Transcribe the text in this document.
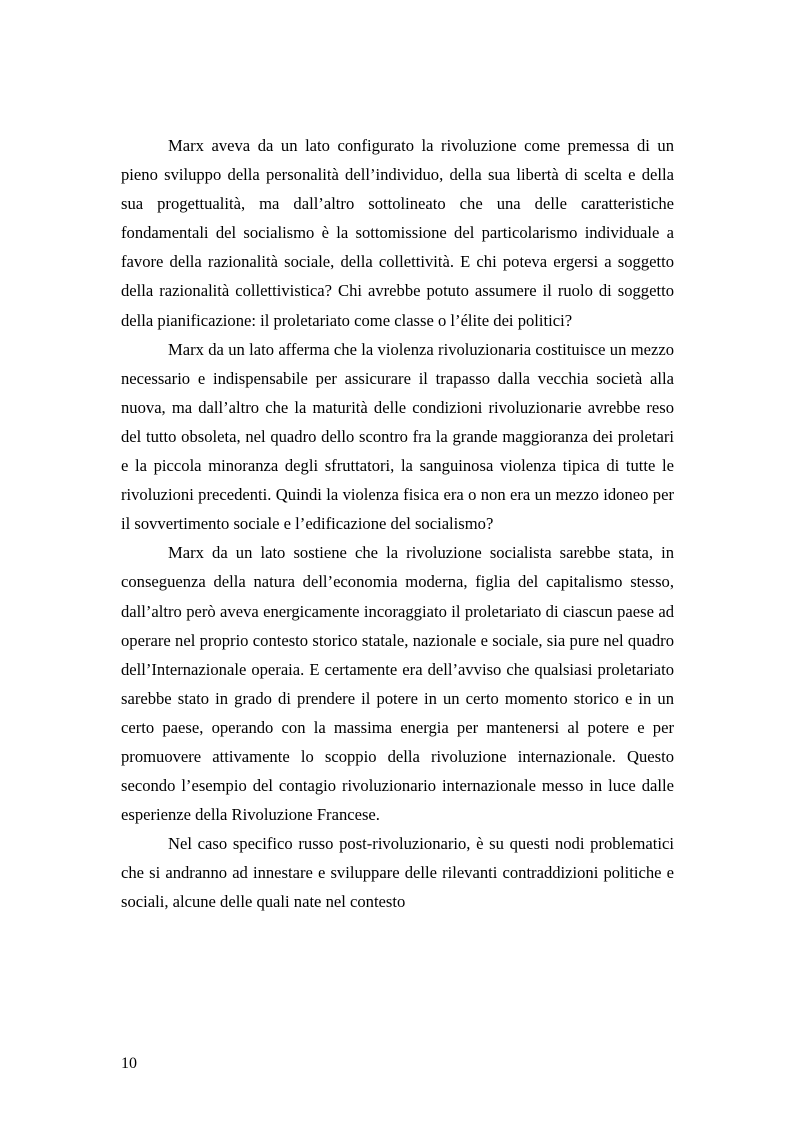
Marx aveva da un lato configurato la rivoluzione come premessa di un pieno sviluppo della personalità dell’individuo, della sua libertà di scelta e della sua progettualità, ma dall’altro sottolineato che una delle caratteristiche fondamentali del socialismo è la sottomissione del particolarismo individuale a favore della razionalità sociale, della collettività. E chi poteva ergersi a soggetto della razionalità collettivistica? Chi avrebbe potuto assumere il ruolo di soggetto della pianificazione: il proletariato come classe o l’élite dei politici?

Marx da un lato afferma che la violenza rivoluzionaria costituisce un mezzo necessario e indispensabile per assicurare il trapasso dalla vecchia società alla nuova, ma dall’altro che la maturità delle condizioni rivoluzionarie avrebbe reso del tutto obsoleta, nel quadro dello scontro fra la grande maggioranza dei proletari e la piccola minoranza degli sfruttatori, la sanguinosa violenza tipica di tutte le rivoluzioni precedenti. Quindi la violenza fisica era o non era un mezzo idoneo per il sovvertimento sociale e l’edificazione del socialismo?

Marx da un lato sostiene che la rivoluzione socialista sarebbe stata, in conseguenza della natura dell’economia moderna, figlia del capitalismo stesso, dall’altro però aveva energicamente incoraggiato il proletariato di ciascun paese ad operare nel proprio contesto storico statale, nazionale e sociale, sia pure nel quadro dell’Internazionale operaia. E certamente era dell’avviso che qualsiasi proletariato sarebbe stato in grado di prendere il potere in un certo momento storico e in un certo paese, operando con la massima energia per mantenersi al potere e per promuovere attivamente lo scoppio della rivoluzione internazionale. Questo secondo l’esempio del contagio rivoluzionario internazionale messo in luce dalle esperienze della Rivoluzione Francese.

Nel caso specifico russo post-rivoluzionario, è su questi nodi problematici che si andranno ad innestare e sviluppare delle rilevanti contraddizioni politiche e sociali, alcune delle quali nate nel contesto

10
